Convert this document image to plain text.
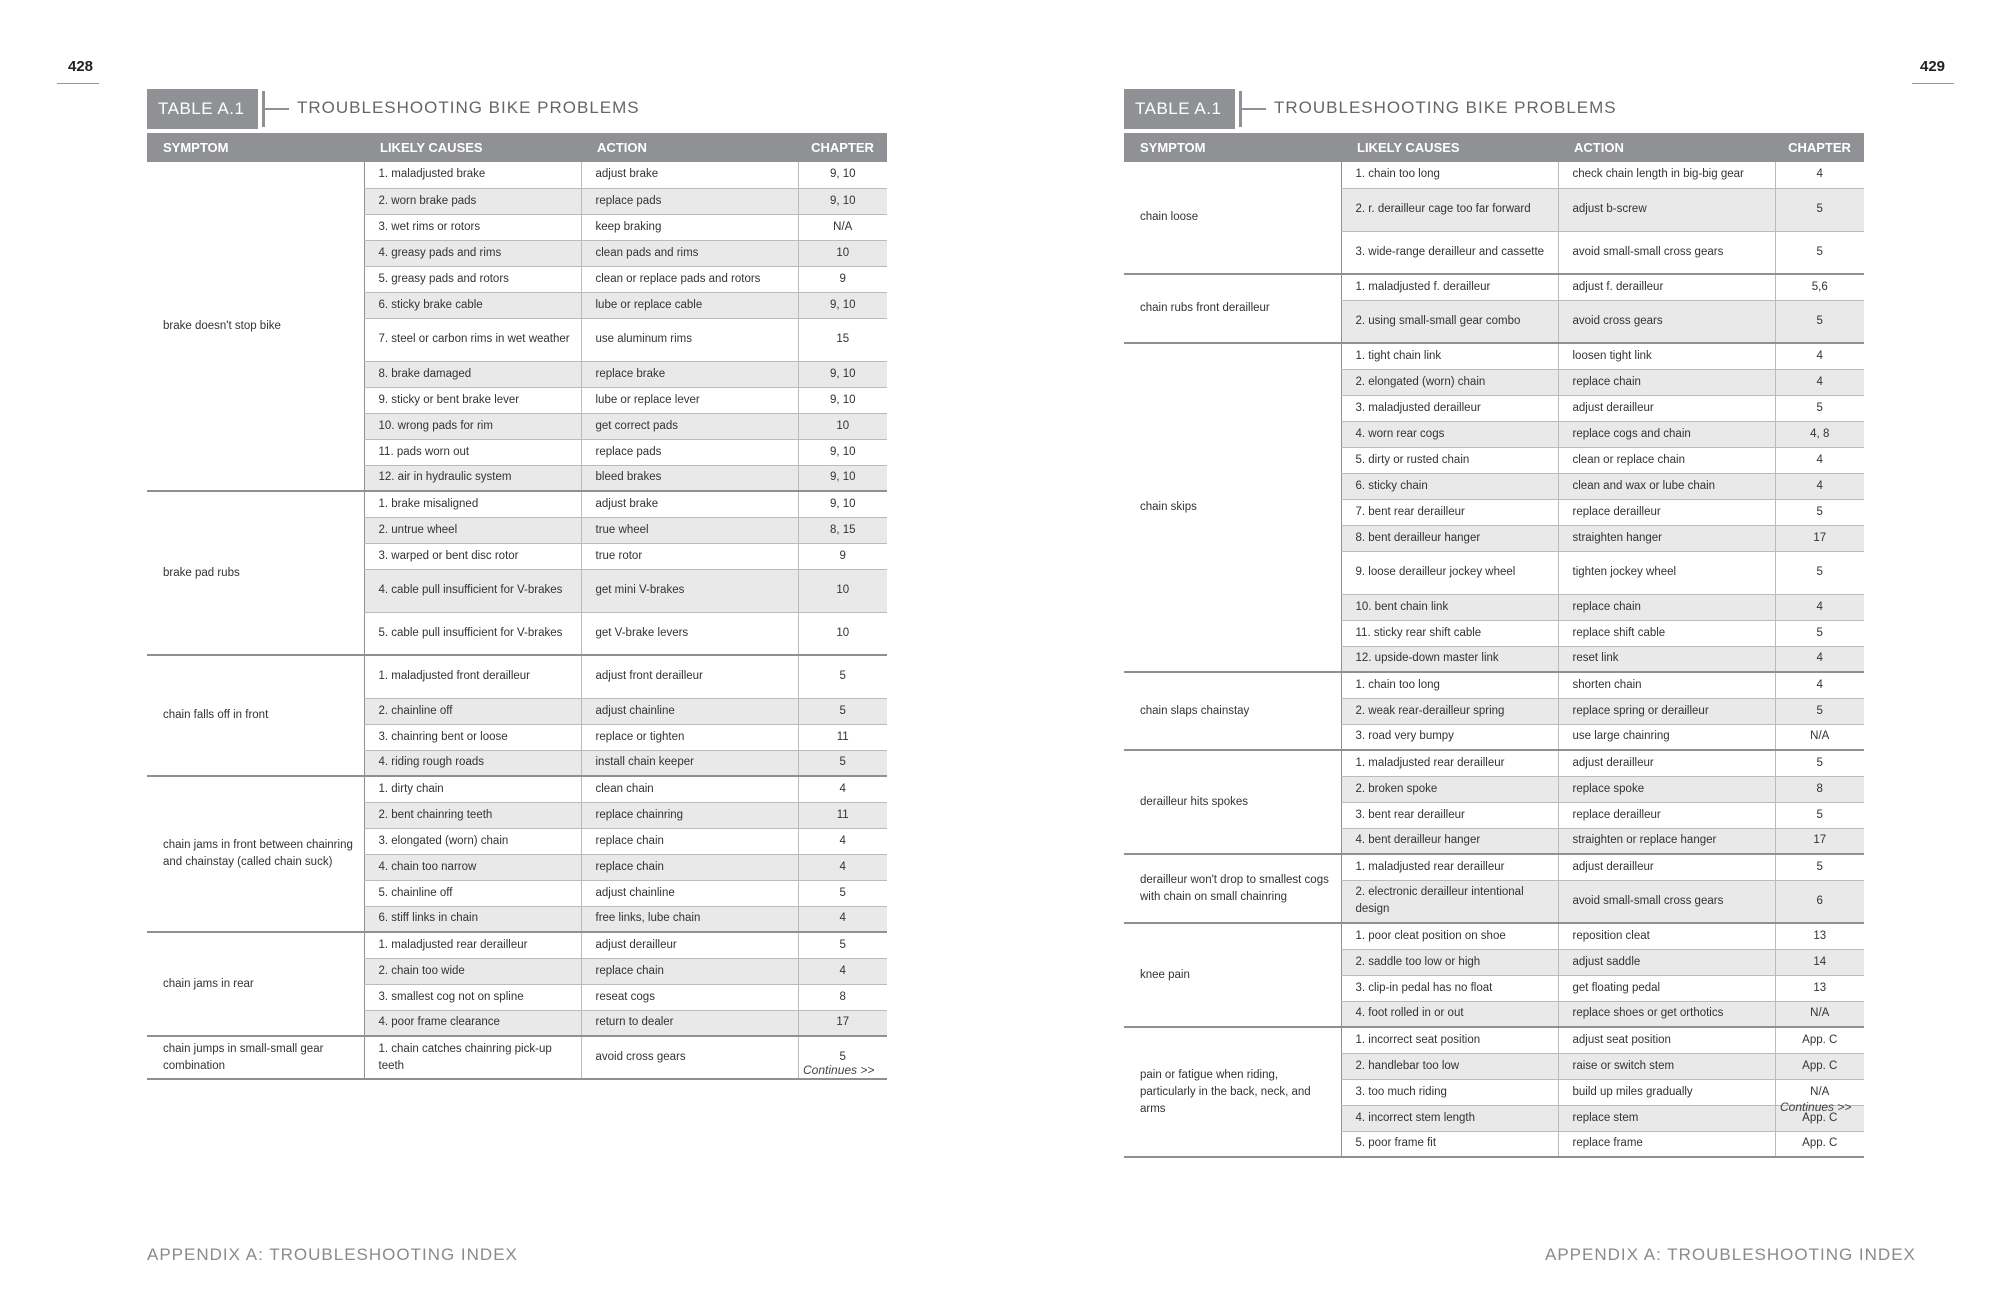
428
TABLE A.1	TROUBLESHOOTING BIKE PROBLEMS
SYMPTOM	LIKELY CAUSES	ACTION	CHAPTER
brake doesn't stop bike	1. maladjusted brake	adjust brake	9, 10
	2. worn brake pads	replace pads	9, 10
	3. wet rims or rotors	keep braking	N/A
	4. greasy pads and rims	clean pads and rims	10
	5. greasy pads and rotors	clean or replace pads and rotors	9
	6. sticky brake cable	lube or replace cable	9, 10
	7. steel or carbon rims in wet weather	use aluminum rims	15
	8. brake damaged	replace brake	9, 10
	9. sticky or bent brake lever	lube or replace lever	9, 10
	10. wrong pads for rim	get correct pads	10
	11. pads worn out	replace pads	9, 10
	12. air in hydraulic system	bleed brakes	9, 10
brake pad rubs	1. brake misaligned	adjust brake	9, 10
	2. untrue wheel	true wheel	8, 15
	3. warped or bent disc rotor	true rotor	9
	4. cable pull insufficient for V-brakes	get mini V-brakes	10
	5. cable pull insufficient for V-brakes	get V-brake levers	10
chain falls off in front	1. maladjusted front derailleur	adjust front derailleur	5
	2. chainline off	adjust chainline	5
	3. chainring bent or loose	replace or tighten	11
	4. riding rough roads	install chain keeper	5
chain jams in front between chainring and chainstay (called chain suck)	1. dirty chain	clean chain	4
	2. bent chainring teeth	replace chainring	11
	3. elongated (worn) chain	replace chain	4
	4. chain too narrow	replace chain	4
	5. chainline off	adjust chainline	5
	6. stiff links in chain	free links, lube chain	4
chain jams in rear	1. maladjusted rear derailleur	adjust derailleur	5
	2. chain too wide	replace chain	4
	3. smallest cog not on spline	reseat cogs	8
	4. poor frame clearance	return to dealer	17
chain jumps in small-small gear combination	1. chain catches chainring pick-up teeth	avoid cross gears	5
Continues >>
APPENDIX A: TROUBLESHOOTING INDEX
429
TABLE A.1	TROUBLESHOOTING BIKE PROBLEMS
SYMPTOM	LIKELY CAUSES	ACTION	CHAPTER
chain loose	1. chain too long	check chain length in big-big gear	4
	2. r. derailleur cage too far forward	adjust b-screw	5
	3. wide-range derailleur and cassette	avoid small-small cross gears	5
chain rubs front derailleur	1. maladjusted f. derailleur	adjust f. derailleur	5,6
	2. using small-small gear combo	avoid cross gears	5
chain skips	1. tight chain link	loosen tight link	4
	2. elongated (worn) chain	replace chain	4
	3. maladjusted derailleur	adjust derailleur	5
	4. worn rear cogs	replace cogs and chain	4, 8
	5. dirty or rusted chain	clean or replace chain	4
	6. sticky chain	clean and wax or lube chain	4
	7. bent rear derailleur	replace derailleur	5
	8. bent derailleur hanger	straighten hanger	17
	9. loose derailleur jockey wheel	tighten jockey wheel	5
	10. bent chain link	replace chain	4
	11. sticky rear shift cable	replace shift cable	5
	12. upside-down master link	reset link	4
chain slaps chainstay	1. chain too long	shorten chain	4
	2. weak rear-derailleur spring	replace spring or derailleur	5
	3. road very bumpy	use large chainring	N/A
derailleur hits spokes	1. maladjusted rear derailleur	adjust derailleur	5
	2. broken spoke	replace spoke	8
	3. bent rear derailleur	replace derailleur	5
	4. bent derailleur hanger	straighten or replace hanger	17
derailleur won't drop to smallest cogs with chain on small chainring	1. maladjusted rear derailleur	adjust derailleur	5
	2. electronic derailleur intentional design	avoid small-small cross gears	6
knee pain	1. poor cleat position on shoe	reposition cleat	13
	2. saddle too low or high	adjust saddle	14
	3. clip-in pedal has no float	get floating pedal	13
	4. foot rolled in or out	replace shoes or get orthotics	N/A
pain or fatigue when riding, particularly in the back, neck, and arms	1. incorrect seat position	adjust seat position	App. C
	2. handlebar too low	raise or switch stem	App. C
	3. too much riding	build up miles gradually	N/A
	4. incorrect stem length	replace stem	App. C
	5. poor frame fit	replace frame	App. C
Continues >>
APPENDIX A: TROUBLESHOOTING INDEX
